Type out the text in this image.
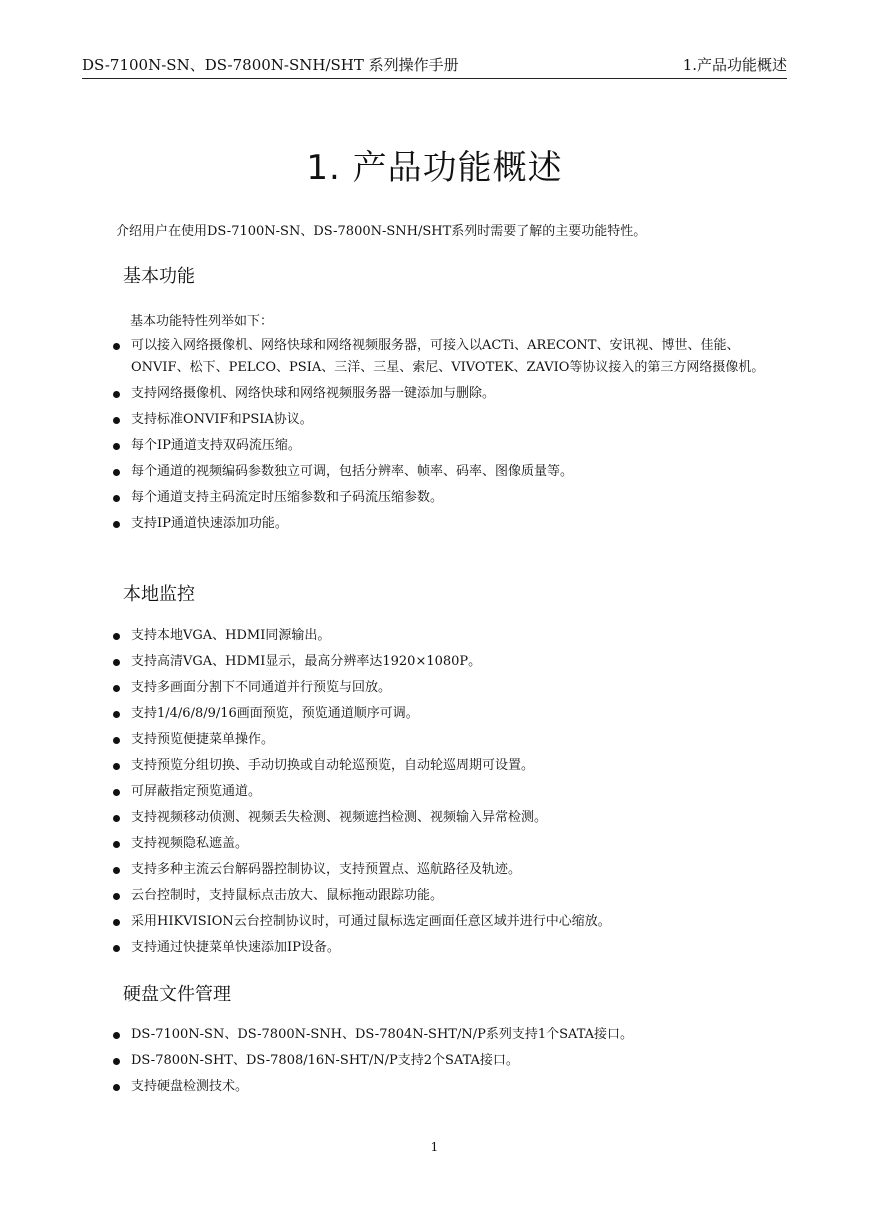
DS-7100N-SN、DS-7800N-SNH/SHT 系列操作手册	1.产品功能概述
1. 产品功能概述
介绍用户在使用DS-7100N-SN、DS-7800N-SNH/SHT系列时需要了解的主要功能特性。
基本功能
基本功能特性列举如下：
可以接入网络摄像机、网络快球和网络视频服务器，可接入以ACTi、ARECONT、安讯视、博世、佳能、ONVIF、松下、PELCO、PSIA、三洋、三星、索尼、VIVOTEK、ZAVIO等协议接入的第三方网络摄像机。
支持网络摄像机、网络快球和网络视频服务器一键添加与删除。
支持标准ONVIF和PSIA协议。
每个IP通道支持双码流压缩。
每个通道的视频编码参数独立可调，包括分辨率、帧率、码率、图像质量等。
每个通道支持主码流定时压缩参数和子码流压缩参数。
支持IP通道快速添加功能。
本地监控
支持本地VGA、HDMI同源输出。
支持高清VGA、HDMI显示，最高分辨率达1920×1080P。
支持多画面分割下不同通道并行预览与回放。
支持1/4/6/8/9/16画面预览，预览通道顺序可调。
支持预览便捷菜单操作。
支持预览分组切换、手动切换或自动轮巡预览，自动轮巡周期可设置。
可屏蔽指定预览通道。
支持视频移动侦测、视频丢失检测、视频遮挡检测、视频输入异常检测。
支持视频隐私遮盖。
支持多种主流云台解码器控制协议，支持预置点、巡航路径及轨迹。
云台控制时，支持鼠标点击放大、鼠标拖动跟踪功能。
采用HIKVISION云台控制协议时，可通过鼠标选定画面任意区域并进行中心缩放。
支持通过快捷菜单快速添加IP设备。
硬盘文件管理
DS-7100N-SN、DS-7800N-SNH、DS-7804N-SHT/N/P系列支持1个SATA接口。
DS-7800N-SHT、DS-7808/16N-SHT/N/P支持2个SATA接口。
支持硬盘检测技术。
1
